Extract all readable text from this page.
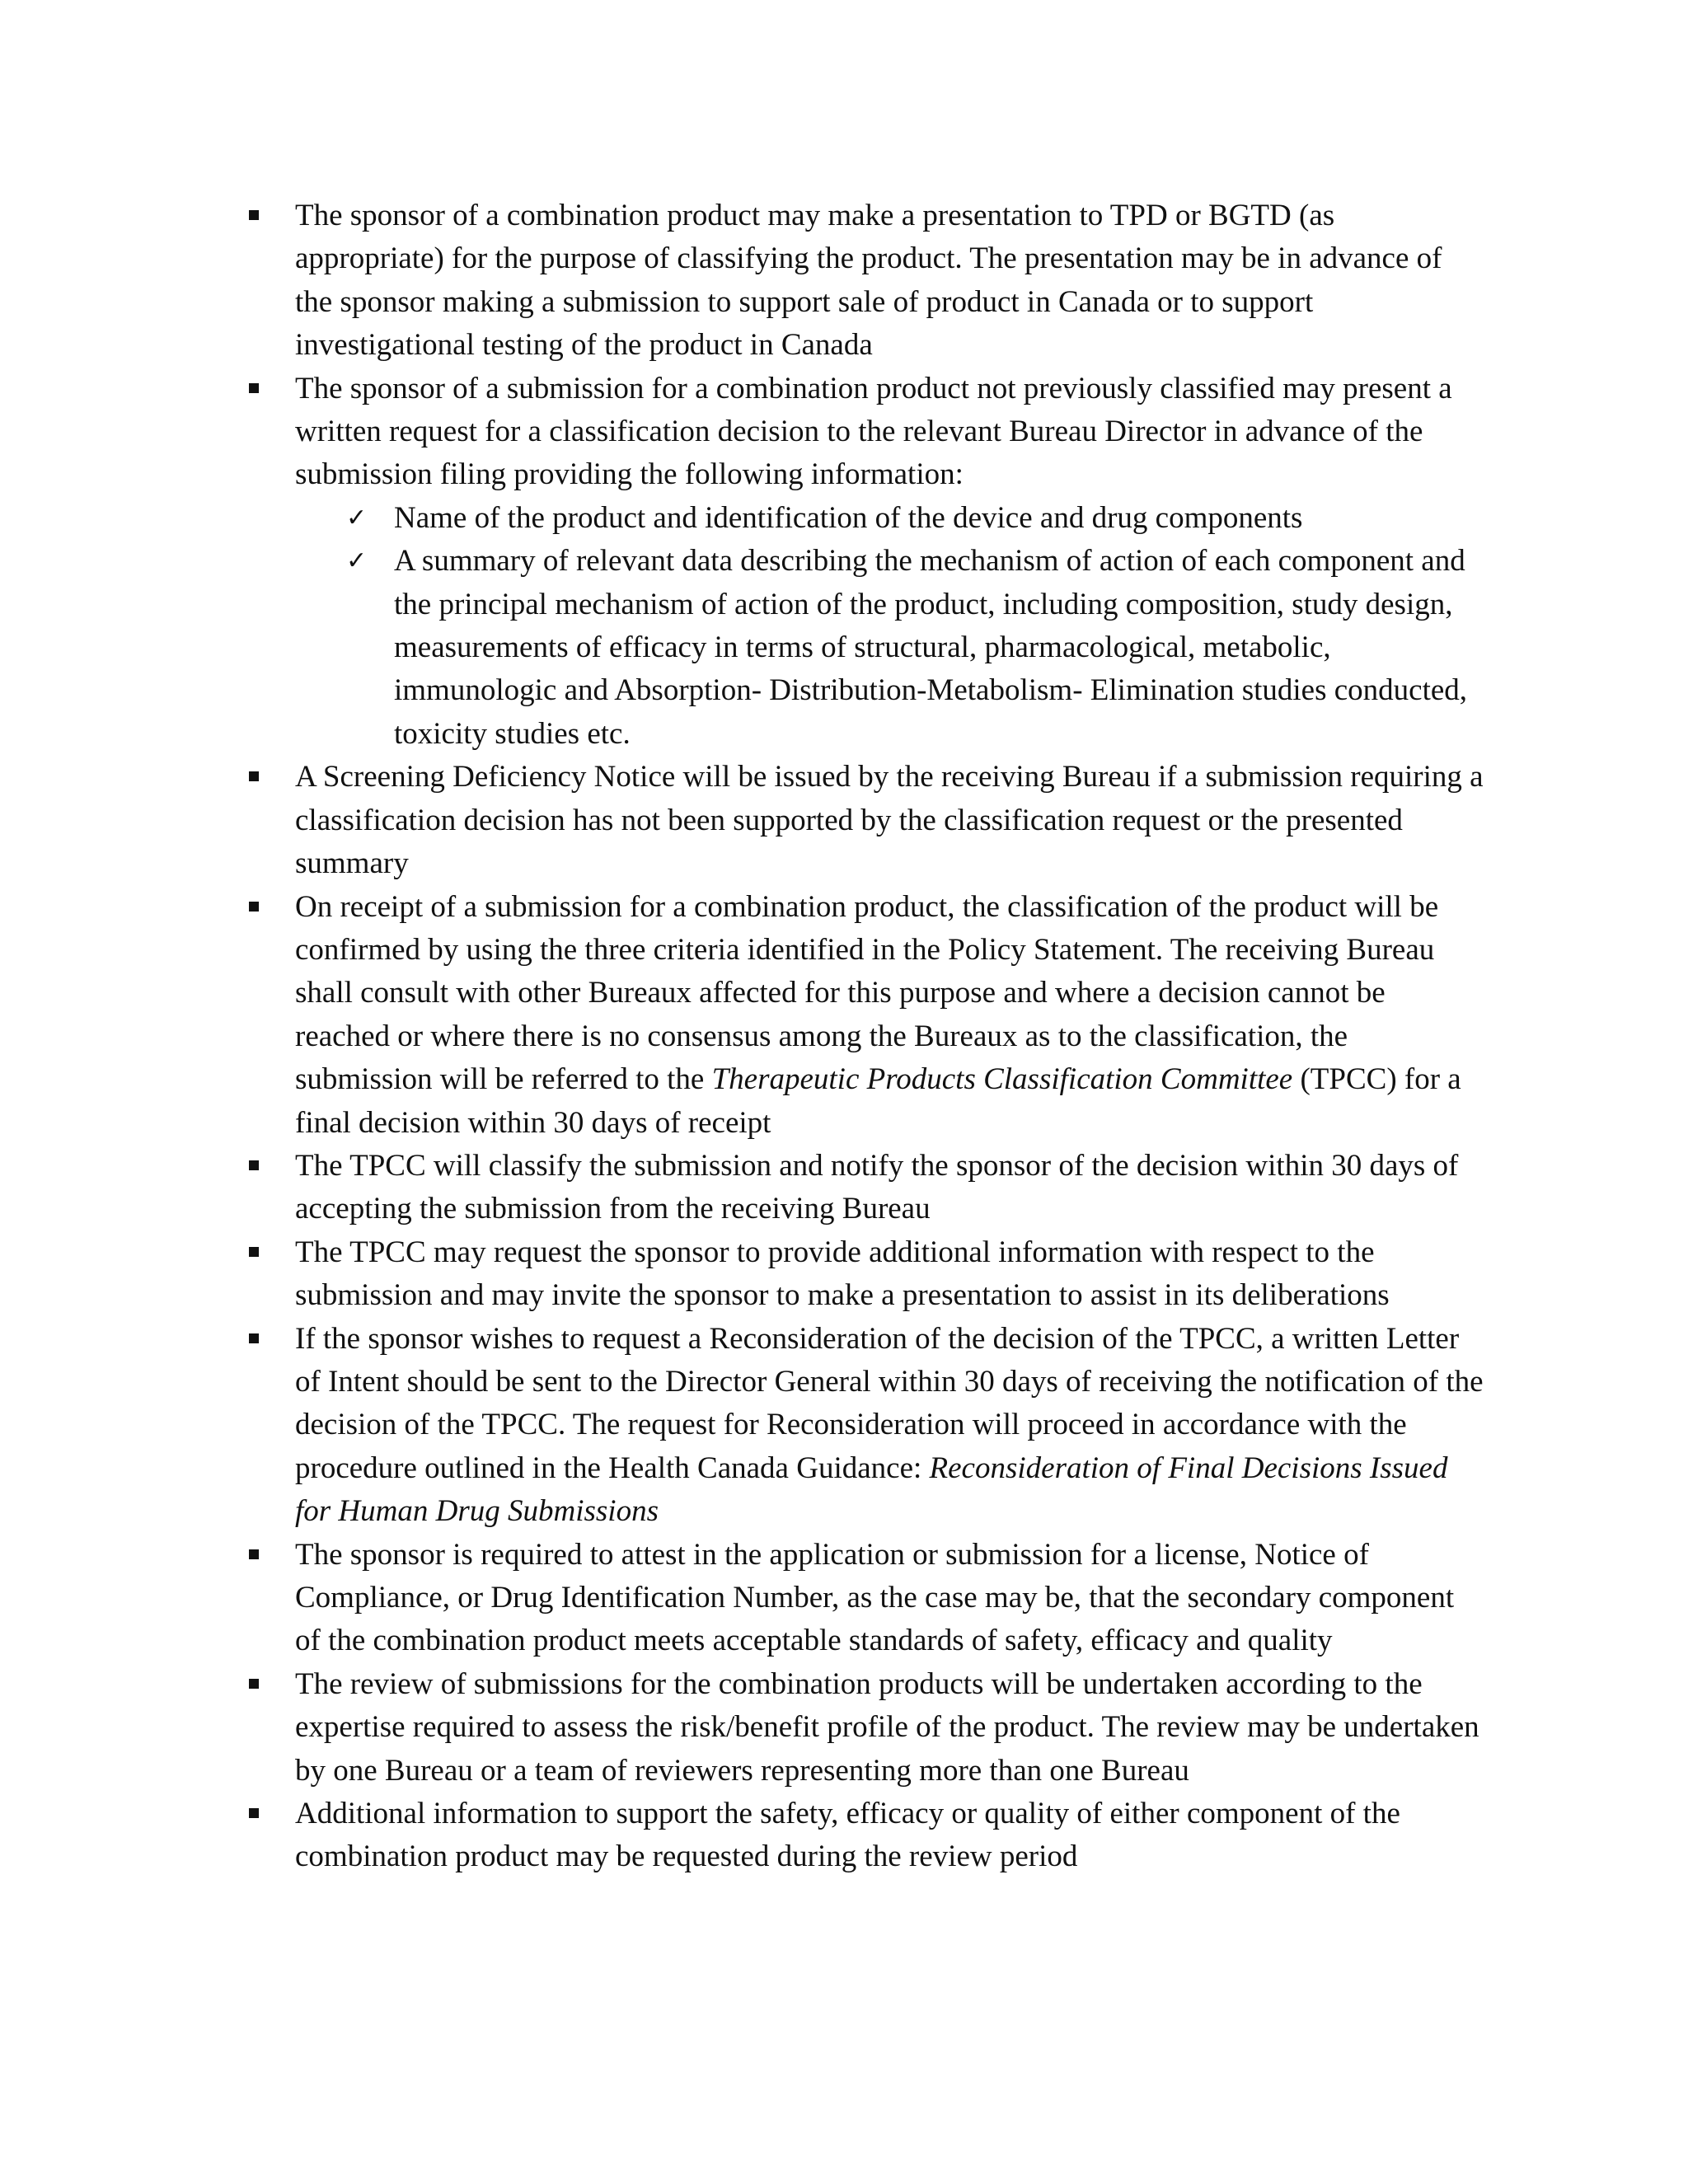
The sponsor of a combination product may make a presentation to TPD or BGTD (as appropriate) for the purpose of classifying the product. The presentation may be in advance of the sponsor making a submission to support sale of product in Canada or to support investigational testing of the product in Canada
The sponsor of a submission for a combination product not previously classified may present a written request for a classification decision to the relevant Bureau Director in advance of the submission filing providing the following information:
✓ Name of the product and identification of the device and drug components
✓ A summary of relevant data describing the mechanism of action of each component and the principal mechanism of action of the product, including composition, study design, measurements of efficacy in terms of structural, pharmacological, metabolic, immunologic and Absorption- Distribution-Metabolism- Elimination studies conducted, toxicity studies etc.
A Screening Deficiency Notice will be issued by the receiving Bureau if a submission requiring a classification decision has not been supported by the classification request or the presented summary
On receipt of a submission for a combination product, the classification of the product will be confirmed by using the three criteria identified in the Policy Statement. The receiving Bureau shall consult with other Bureaux affected for this purpose and where a decision cannot be reached or where there is no consensus among the Bureaux as to the classification, the submission will be referred to the Therapeutic Products Classification Committee (TPCC) for a final decision within 30 days of receipt
The TPCC will classify the submission and notify the sponsor of the decision within 30 days of accepting the submission from the receiving Bureau
The TPCC may request the sponsor to provide additional information with respect to the submission and may invite the sponsor to make a presentation to assist in its deliberations
If the sponsor wishes to request a Reconsideration of the decision of the TPCC, a written Letter of Intent should be sent to the Director General within 30 days of receiving the notification of the decision of the TPCC. The request for Reconsideration will proceed in accordance with the procedure outlined in the Health Canada Guidance: Reconsideration of Final Decisions Issued for Human Drug Submissions
The sponsor is required to attest in the application or submission for a license, Notice of Compliance, or Drug Identification Number, as the case may be, that the secondary component of the combination product meets acceptable standards of safety, efficacy and quality
The review of submissions for the combination products will be undertaken according to the expertise required to assess the risk/benefit profile of the product. The review may be undertaken by one Bureau or a team of reviewers representing more than one Bureau
Additional information to support the safety, efficacy or quality of either component of the combination product may be requested during the review period
